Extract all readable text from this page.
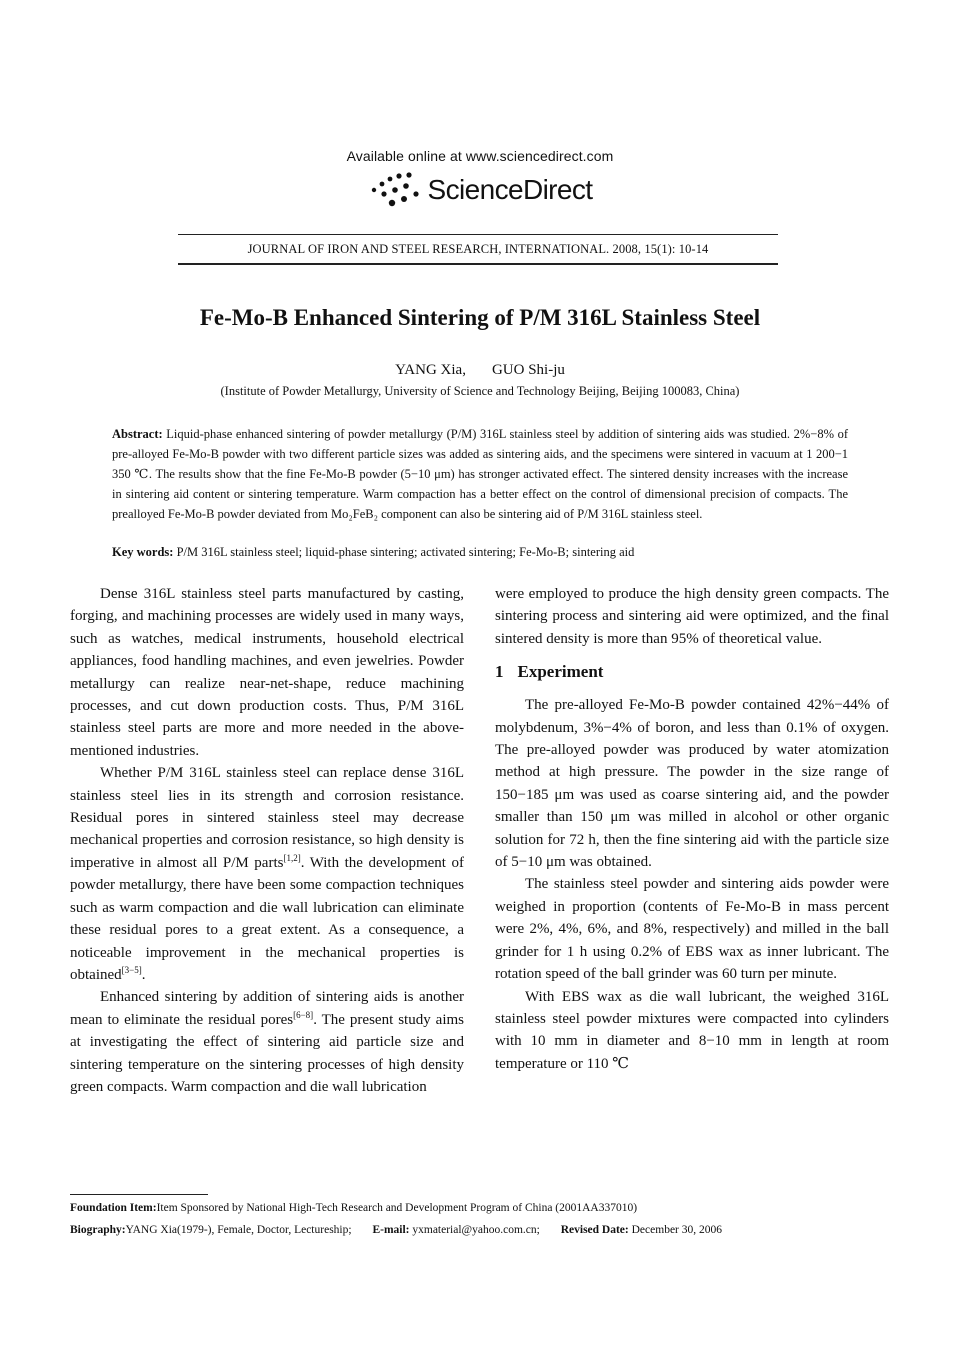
Available online at www.sciencedirect.com
ScienceDirect
JOURNAL OF IRON AND STEEL RESEARCH, INTERNATIONAL. 2008, 15(1): 10-14
Fe-Mo-B Enhanced Sintering of P/M 316L Stainless Steel
YANG Xia, GUO Shi-ju
(Institute of Powder Metallurgy, University of Science and Technology Beijing, Beijing 100083, China)
Abstract: Liquid-phase enhanced sintering of powder metallurgy (P/M) 316L stainless steel by addition of sintering aids was studied. 2%−8% of pre-alloyed Fe-Mo-B powder with two different particle sizes was added as sintering aids, and the specimens were sintered in vacuum at 1 200−1 350 ℃. The results show that the fine Fe-Mo-B powder (5−10 μm) has stronger activated effect. The sintered density increases with the increase in sintering aid content or sintering temperature. Warm compaction has a better effect on the control of dimensional precision of compacts. The prealloyed Fe-Mo-B powder deviated from Mo₂FeB₂ component can also be sintering aid of P/M 316L stainless steel.
Key words: P/M 316L stainless steel; liquid-phase sintering; activated sintering; Fe-Mo-B; sintering aid

Dense 316L stainless steel parts manufactured by casting, forging, and machining processes are widely used in many ways, such as watches, medical instruments, household electrical appliances, food handling machines, and even jewelries. Powder metallurgy can realize near-net-shape, reduce machining processes, and cut down production costs. Thus, P/M 316L stainless steel parts are more and more needed in the above-mentioned industries.

Whether P/M 316L stainless steel can replace dense 316L stainless steel lies in its strength and corrosion resistance. Residual pores in sintered stainless steel may decrease mechanical properties and corrosion resistance, so high density is imperative in almost all P/M parts[1,2]. With the development of powder metallurgy, there have been some compaction techniques such as warm compaction and die wall lubrication can eliminate these residual pores to a great extent. As a consequence, a noticeable improvement in the mechanical properties is obtained[3−5].

Enhanced sintering by addition of sintering aids is another mean to eliminate the residual pores[6−8]. The present study aims at investigating the effect of sintering aid particle size and sintering temperature on the sintering processes of high density green compacts. Warm compaction and die wall lubrication

were employed to produce the high density green compacts. The sintering process and sintering aid were optimized, and the final sintered density is more than 95% of theoretical value.

1 Experiment

The pre-alloyed Fe-Mo-B powder contained 42%−44% of molybdenum, 3%−4% of boron, and less than 0.1% of oxygen. The pre-alloyed powder was produced by water atomization method at high pressure. The powder in the size range of 150−185 μm was used as coarse sintering aid, and the powder smaller than 150 μm was milled in alcohol or other organic solution for 72 h, then the fine sintering aid with the particle size of 5−10 μm was obtained.

The stainless steel powder and sintering aids powder were weighed in proportion (contents of Fe-Mo-B in mass percent were 2%, 4%, 6%, and 8%, respectively) and milled in the ball grinder for 1 h using 0.2% of EBS wax as inner lubricant. The rotation speed of the ball grinder was 60 turn per minute.

With EBS wax as die wall lubricant, the weighed 316L stainless steel powder mixtures were compacted into cylinders with 10 mm in diameter and 8−10 mm in length at room temperature or 110 ℃

Foundation Item:Item Sponsored by National High-Tech Research and Development Program of China (2001AA337010)
Biography:YANG Xia(1979-), Female, Doctor, Lectureship; E-mail: yxmaterial@yahoo.com.cn; Revised Date: December 30, 2006
